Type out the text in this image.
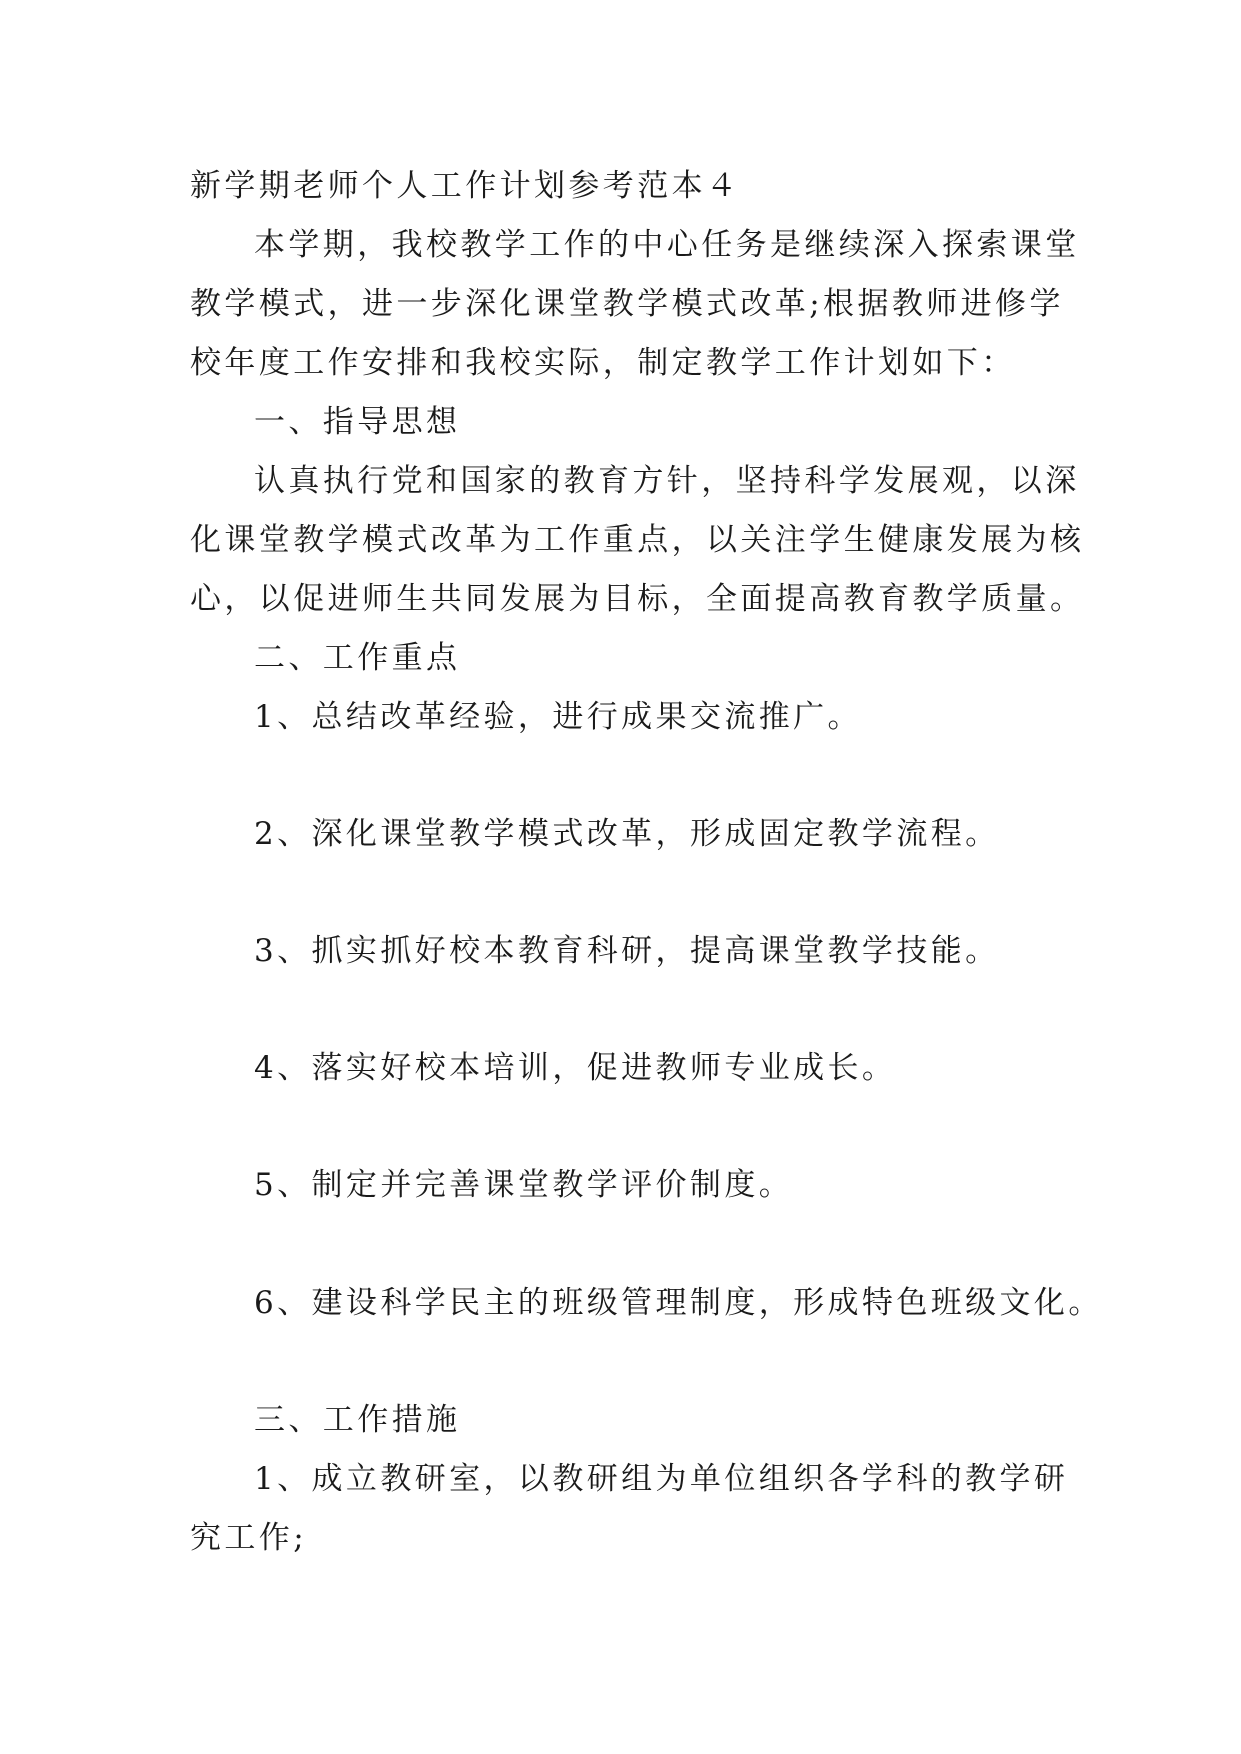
新学期老师个人工作计划参考范本４
本学期，我校教学工作的中心任务是继续深入探索课堂
教学模式，进一步深化课堂教学模式改革;根据教师进修学
校年度工作安排和我校实际，制定教学工作计划如下：
一、指导思想
认真执行党和国家的教育方针，坚持科学发展观，以深
化课堂教学模式改革为工作重点，以关注学生健康发展为核
心，以促进师生共同发展为目标，全面提高教育教学质量。
二、工作重点
1、总结改革经验，进行成果交流推广。
2、深化课堂教学模式改革，形成固定教学流程。
3、抓实抓好校本教育科研，提高课堂教学技能。
4、落实好校本培训，促进教师专业成长。
5、制定并完善课堂教学评价制度。
6、建设科学民主的班级管理制度，形成特色班级文化。
三、工作措施
1、成立教研室，以教研组为单位组织各学科的教学研
究工作;
